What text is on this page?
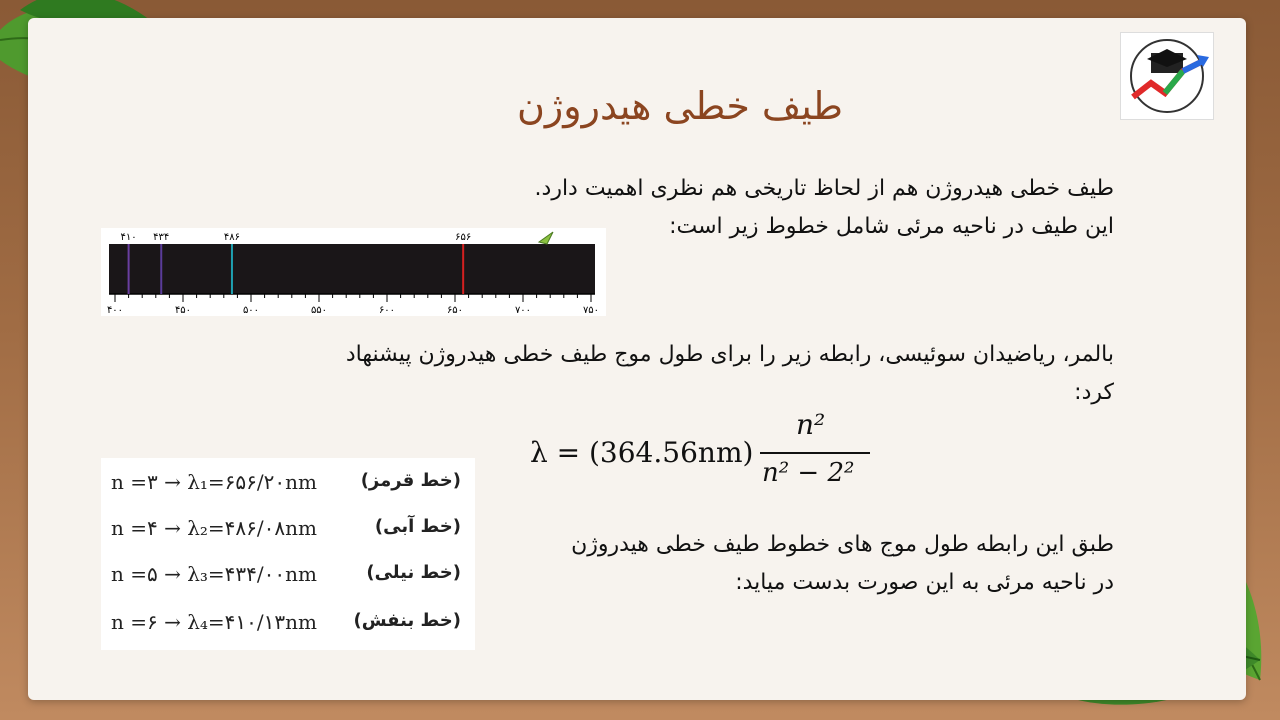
طیف خطی هیدروژن
طیف خطی هیدروژن هم از لحاظ تاریخی هم نظری اهمیت دارد.
این طیف در ناحیه مرئی شامل خطوط زیر است:
۴۱۰ ۴۳۴	۴۸۶	۶۵۶
۴۰۰	۴۵۰	۵۰۰	۵۵۰	۶۰۰	۶۵۰	۷۰۰	۷۵۰
بالمر، ریاضیدان سوئیسی، رابطه زیر را برای طول موج طیف خطی هیدروژن پیشنهاد
کرد:
λ = (364.56nm)
n²
n² − 2²
n =۳ → λ₁=۶۵۶/۲۰nm (خط قرمز)
n =۴ → λ₂=۴۸۶/۰۸nm	(خط آبی)
n =۵ → λ₃=۴۳۴/۰۰nm	(خط نیلی)
n =۶ → λ₄=۴۱۰/۱۳nm (خط بنفش)
طبق این رابطه طول موج های خطوط طیف خطی هیدروژن
در ناحیه مرئی به این صورت بدست میاید:
